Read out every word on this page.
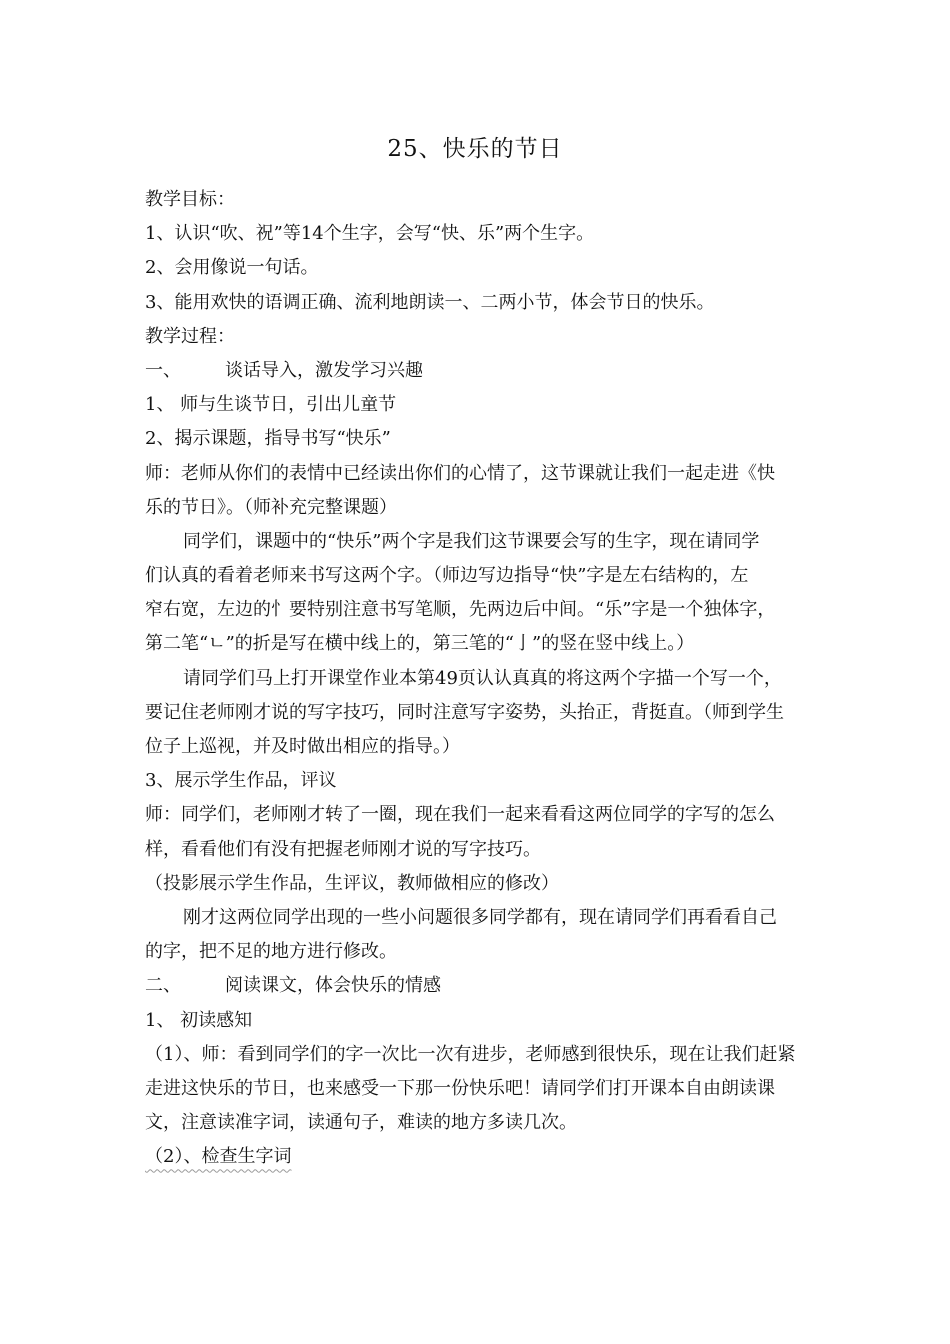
25、快乐的节日
教学目标：
1、认识“吹、祝”等14个生字，会写“快、乐”两个生字。
2、会用像说一句话。
3、能用欢快的语调正确、流利地朗读一、二两小节，体会节日的快乐。
教学过程：
一、 谈话导入，激发学习兴趣
1、 师与生谈节日，引出儿童节
2、揭示课题，指导书写“快乐”
师：老师从你们的表情中已经读出你们的心情了，这节课就让我们一起走进《快
乐的节日》。（师补充完整课题）
同学们，课题中的“快乐”两个字是我们这节课要会写的生字，现在请同学
们认真的看着老师来书写这两个字。（师边写边指导“快”字是左右结构的，左
窄右宽，左边的忄要特别注意书写笔顺，先两边后中间。“乐”字是一个独体字，
第二笔“ㄴ”的折是写在横中线上的，第三笔的“亅”的竖在竖中线上。）
请同学们马上打开课堂作业本第49页认认真真的将这两个字描一个写一个，
要记住老师刚才说的写字技巧，同时注意写字姿势，头抬正，背挺直。（师到学生
位子上巡视，并及时做出相应的指导。）
3、展示学生作品，评议
师：同学们，老师刚才转了一圈，现在我们一起来看看这两位同学的字写的怎么
样，看看他们有没有把握老师刚才说的写字技巧。
（投影展示学生作品，生评议，教师做相应的修改）
刚才这两位同学出现的一些小问题很多同学都有，现在请同学们再看看自己
的字，把不足的地方进行修改。
二、 阅读课文，体会快乐的情感
1、 初读感知
（1）、师：看到同学们的字一次比一次有进步，老师感到很快乐，现在让我们赶紧
走进这快乐的节日，也来感受一下那一份快乐吧！请同学们打开课本自由朗读课
文，注意读准字词，读通句子，难读的地方多读几次。
（2）、检查生字词
